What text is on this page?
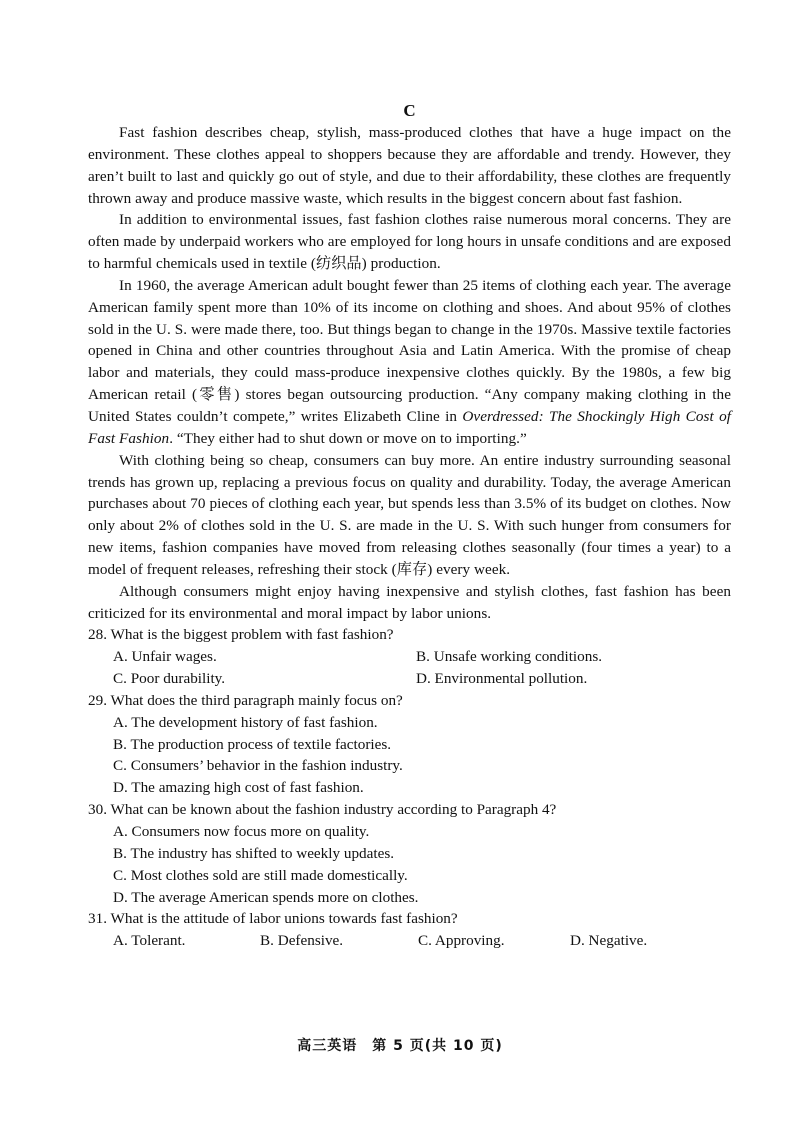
C

Fast fashion describes cheap, stylish, mass-produced clothes that have a huge impact on the environment. These clothes appeal to shoppers because they are affordable and trendy. However, they aren’t built to last and quickly go out of style, and due to their affordability, these clothes are frequently thrown away and produce massive waste, which results in the biggest concern about fast fashion.

In addition to environmental issues, fast fashion clothes raise numerous moral concerns. They are often made by underpaid workers who are employed for long hours in unsafe conditions and are exposed to harmful chemicals used in textile (纺织品) production.

In 1960, the average American adult bought fewer than 25 items of clothing each year. The average American family spent more than 10% of its income on clothing and shoes. And about 95% of clothes sold in the U. S. were made there, too. But things began to change in the 1970s. Massive textile factories opened in China and other countries throughout Asia and Latin America. With the promise of cheap labor and materials, they could mass-produce inexpensive clothes quickly. By the 1980s, a few big American retail (零售) stores began outsourcing production. “Any company making clothing in the United States couldn’t compete,” writes Elizabeth Cline in Overdressed: The Shockingly High Cost of Fast Fashion. “They either had to shut down or move on to importing.”

With clothing being so cheap, consumers can buy more. An entire industry surrounding seasonal trends has grown up, replacing a previous focus on quality and durability. Today, the average American purchases about 70 pieces of clothing each year, but spends less than 3.5% of its budget on clothes. Now only about 2% of clothes sold in the U. S. are made in the U. S. With such hunger from consumers for new items, fashion companies have moved from releasing clothes seasonally (four times a year) to a model of frequent releases, refreshing their stock (库存) every week.

Although consumers might enjoy having inexpensive and stylish clothes, fast fashion has been criticized for its environmental and moral impact by labor unions.

28. What is the biggest problem with fast fashion?

A. Unfair wages.	B. Unsafe working conditions.
C. Poor durability.	D. Environmental pollution.

29. What does the third paragraph mainly focus on?

A. The development history of fast fashion.
B. The production process of textile factories.
C. Consumers’ behavior in the fashion industry.
D. The amazing high cost of fast fashion.

30. What can be known about the fashion industry according to Paragraph 4?

A. Consumers now focus more on quality.
B. The industry has shifted to weekly updates.
C. Most clothes sold are still made domestically.
D. The average American spends more on clothes.

31. What is the attitude of labor unions towards fast fashion?

A. Tolerant.	B. Defensive.	C. Approving.	D. Negative.
高三英语　第 5 页(共 10 页)
